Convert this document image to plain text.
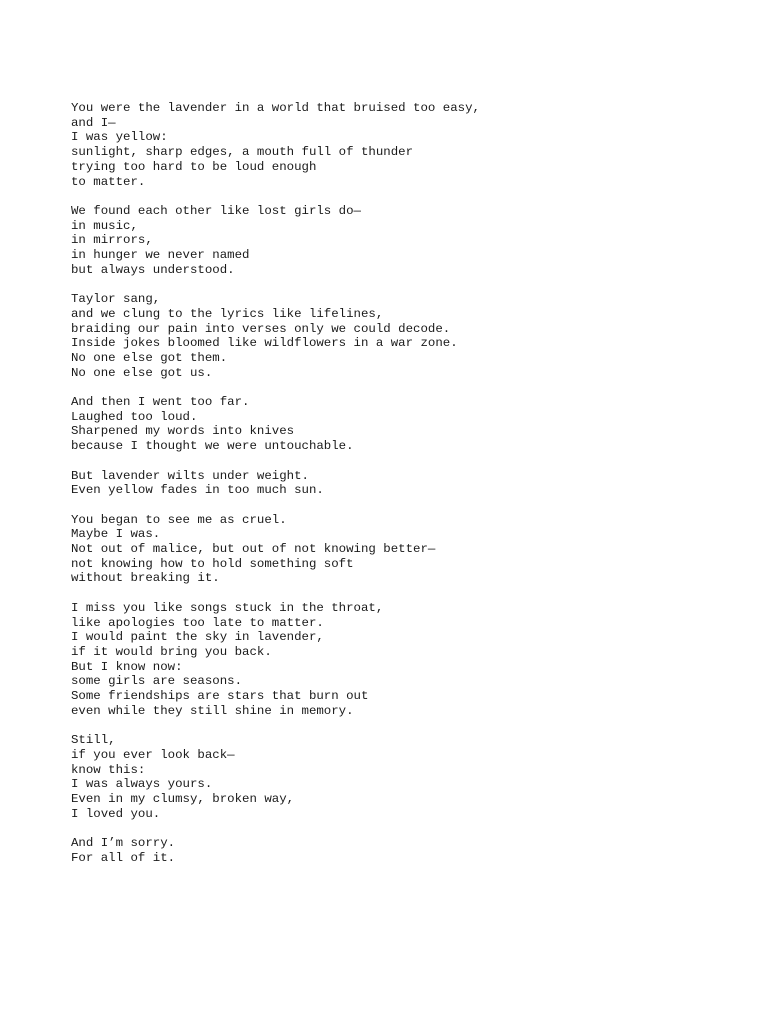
You were the lavender in a world that bruised too easy,
and I—
I was yellow:
sunlight, sharp edges, a mouth full of thunder
trying too hard to be loud enough
to matter.
We found each other like lost girls do—
in music,
in mirrors,
in hunger we never named
but always understood.
Taylor sang,
and we clung to the lyrics like lifelines,
braiding our pain into verses only we could decode.
Inside jokes bloomed like wildflowers in a war zone.
No one else got them.
No one else got us.
And then I went too far.
Laughed too loud.
Sharpened my words into knives
because I thought we were untouchable.
But lavender wilts under weight.
Even yellow fades in too much sun.
You began to see me as cruel.
Maybe I was.
Not out of malice, but out of not knowing better—
not knowing how to hold something soft
without breaking it.
I miss you like songs stuck in the throat,
like apologies too late to matter.
I would paint the sky in lavender,
if it would bring you back.
But I know now:
some girls are seasons.
Some friendships are stars that burn out
even while they still shine in memory.
Still,
if you ever look back—
know this:
I was always yours.
Even in my clumsy, broken way,
I loved you.
And I’m sorry.
For all of it.
